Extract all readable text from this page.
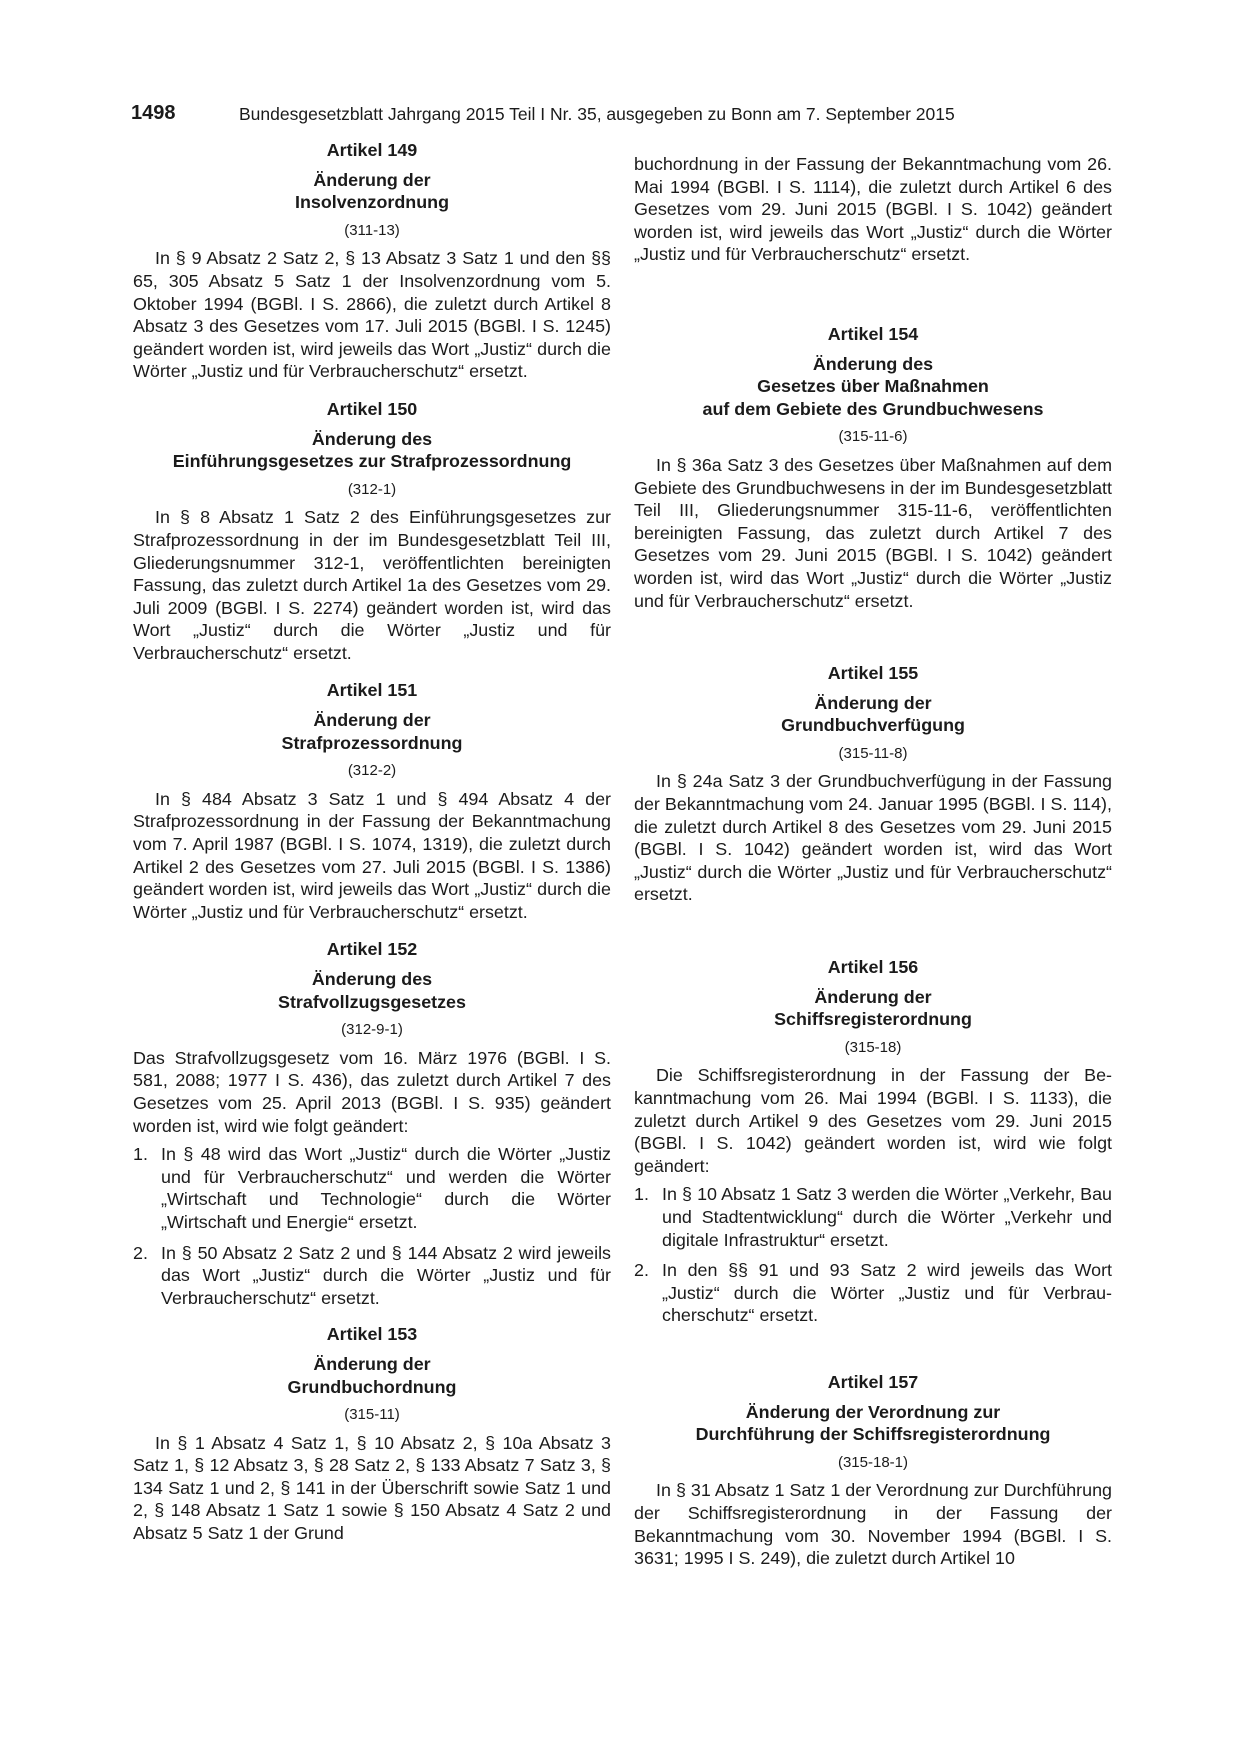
1498	Bundesgesetzblatt Jahrgang 2015 Teil I Nr. 35, ausgegeben zu Bonn am 7. September 2015

Artikel 149

Änderung der
Insolvenzordnung

(311-13)

In § 9 Absatz 2 Satz 2, § 13 Absatz 3 Satz 1 und den §§ 65, 305 Absatz 5 Satz 1 der Insolvenzordnung vom 5. Oktober 1994 (BGBl. I S. 2866), die zuletzt durch Artikel 8 Absatz 3 des Gesetzes vom 17. Juli 2015 (BGBl. I S. 1245) geändert worden ist, wird jeweils das Wort „Justiz“ durch die Wörter „Justiz und für Verbraucherschutz“ ersetzt.

Artikel 150

Änderung des
Einführungsgesetzes zur Strafprozessordnung

(312-1)

In § 8 Absatz 1 Satz 2 des Einführungsgesetzes zur Strafprozessordnung in der im Bundesgesetzblatt Teil III, Gliederungsnummer 312-1, veröffentlichten bereinigten Fassung, das zuletzt durch Artikel 1a des Gesetzes vom 29. Juli 2009 (BGBl. I S. 2274) geändert worden ist, wird das Wort „Justiz“ durch die Wörter „Justiz und für Verbraucherschutz“ ersetzt.

Artikel 151

Änderung der
Strafprozessordnung

(312-2)

In § 484 Absatz 3 Satz 1 und § 494 Absatz 4 der Strafprozessordnung in der Fassung der Bekanntmachung vom 7. April 1987 (BGBl. I S. 1074, 1319), die zuletzt durch Artikel 2 des Gesetzes vom 27. Juli 2015 (BGBl. I S. 1386) geändert worden ist, wird jeweils das Wort „Justiz“ durch die Wörter „Justiz und für Verbraucherschutz“ ersetzt.

Artikel 152

Änderung des
Strafvollzugsgesetzes

(312-9-1)

Das Strafvollzugsgesetz vom 16. März 1976 (BGBl. I S. 581, 2088; 1977 I S. 436), das zuletzt durch Artikel 7 des Gesetzes vom 25. April 2013 (BGBl. I S. 935) geändert worden ist, wird wie folgt geändert:

1. In § 48 wird das Wort „Justiz“ durch die Wörter „Justiz und für Verbraucherschutz“ und werden die Wörter „Wirtschaft und Technologie“ durch die Wörter „Wirtschaft und Energie“ ersetzt.
2. In § 50 Absatz 2 Satz 2 und § 144 Absatz 2 wird jeweils das Wort „Justiz“ durch die Wörter „Justiz und für Verbraucherschutz“ ersetzt.

Artikel 153

Änderung der
Grundbuchordnung

(315-11)

In § 1 Absatz 4 Satz 1, § 10 Absatz 2, § 10a Absatz 3 Satz 1, § 12 Absatz 3, § 28 Satz 2, § 133 Absatz 7 Satz 3, § 134 Satz 1 und 2, § 141 in der Überschrift sowie Satz 1 und 2, § 148 Absatz 1 Satz 1 sowie § 150 Absatz 4 Satz 2 und Absatz 5 Satz 1 der Grund

buchordnung in der Fassung der Bekanntmachung vom 26. Mai 1994 (BGBl. I S. 1114), die zuletzt durch Artikel 6 des Gesetzes vom 29. Juni 2015 (BGBl. I S. 1042) geändert worden ist, wird jeweils das Wort „Justiz“ durch die Wörter „Justiz und für Verbraucherschutz“ ersetzt.

Artikel 154

Änderung des
Gesetzes über Maßnahmen
auf dem Gebiete des Grundbuchwesens

(315-11-6)

In § 36a Satz 3 des Gesetzes über Maßnahmen auf dem Gebiete des Grundbuchwesens in der im Bundesgesetzblatt Teil III, Gliederungsnummer 315-11-6, veröffentlichten bereinigten Fassung, das zuletzt durch Artikel 7 des Gesetzes vom 29. Juni 2015 (BGBl. I S. 1042) geändert worden ist, wird das Wort „Justiz“ durch die Wörter „Justiz und für Verbraucherschutz“ ersetzt.

Artikel 155

Änderung der
Grundbuchverfügung

(315-11-8)

In § 24a Satz 3 der Grundbuchverfügung in der Fassung der Bekanntmachung vom 24. Januar 1995 (BGBl. I S. 114), die zuletzt durch Artikel 8 des Gesetzes vom 29. Juni 2015 (BGBl. I S. 1042) geändert worden ist, wird das Wort „Justiz“ durch die Wörter „Justiz und für Verbraucherschutz“ ersetzt.

Artikel 156

Änderung der
Schiffsregisterordnung

(315-18)

Die Schiffsregisterordnung in der Fassung der Bekanntmachung vom 26. Mai 1994 (BGBl. I S. 1133), die zuletzt durch Artikel 9 des Gesetzes vom 29. Juni 2015 (BGBl. I S. 1042) geändert worden ist, wird wie folgt geändert:

1. In § 10 Absatz 1 Satz 3 werden die Wörter „Verkehr, Bau und Stadtentwicklung“ durch die Wörter „Verkehr und digitale Infrastruktur“ ersetzt.
2. In den §§ 91 und 93 Satz 2 wird jeweils das Wort „Justiz“ durch die Wörter „Justiz und für Verbraucherschutz“ ersetzt.

Artikel 157

Änderung der Verordnung zur
Durchführung der Schiffsregisterordnung

(315-18-1)

In § 31 Absatz 1 Satz 1 der Verordnung zur Durchführung der Schiffsregisterordnung in der Fassung der Bekanntmachung vom 30. November 1994 (BGBl. I S. 3631; 1995 I S. 249), die zuletzt durch Artikel 10
